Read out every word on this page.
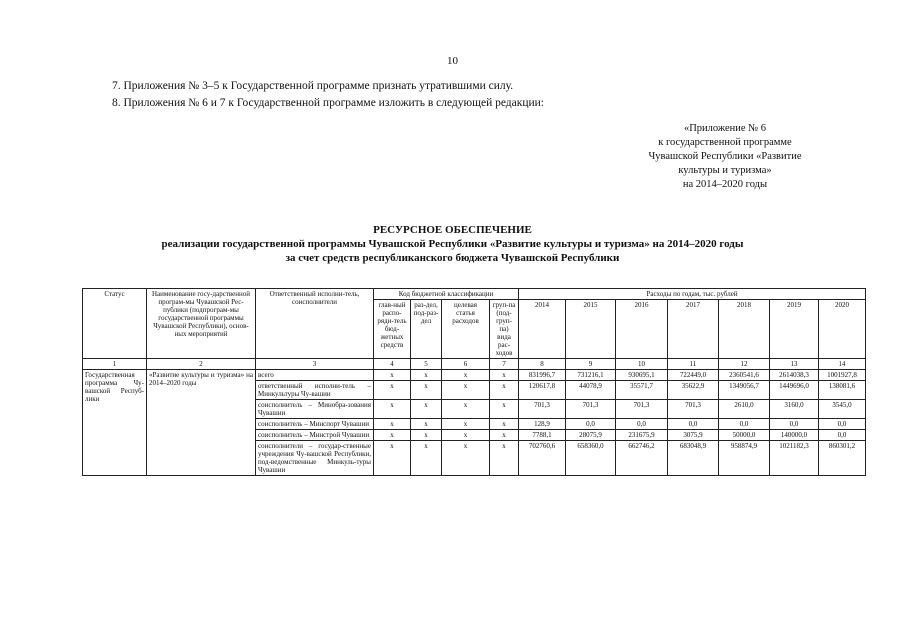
10
7. Приложения № 3–5 к Государственной программе признать утратившими силу.
8. Приложения № 6 и 7 к Государственной программе изложить в следующей редакции:
«Приложение № 6
к государственной программе
Чувашской Республики «Развитие
культуры и туризма»
на 2014–2020 годы
РЕСУРСНОЕ ОБЕСПЕЧЕНИЕ
реализации государственной программы Чувашской Республики «Развитие культуры и туризма» на 2014–2020 годы
за счет средств республиканского бюджета Чувашской Республики
Статус	Наименование госу-дарственной програм-мы Чувашской Рес-публики (подпрограм-мы государственной программы Чувашской Республики), основ-ных мероприятий	Ответственный исполни-тель, соисполнители	Код бюджетной классификации				Расходы по годам, тыс. рублей						
			глав-ный распо-ряди-тель бюд-жетных средств	раз-дел, под-раз-дел	целевая статья расходов	груп-па (под-груп-па) вида рас-ходов	2014	2015	2016	2017	2018	2019	2020
1	2	3	4	5	6	7	8	9	10	11	12	13	14
Государственная программа Чу-вашской Респуб-лики	«Развитие культуры и туризма» на 2014–2020 годы	всего	х	х	х	х	831996,7	731216,1	930695,1	722449,0	2360541,6	2614038,3	1001927,8
		ответственный исполни-тель – Минкультуры Чу-вашии	х	х	х	х	120617,8	44078,9	35571,7	35622,9	1349056,7	1449696,0	138081,6
		соисполнитель – Минобра-зования Чувашии	х	х	х	х	701,3	701,3	701,3	701,3	2610,0	3160,0	3545,0
		соисполнитель – Минспорт Чувашии	х	х	х	х	128,9	0,0	0,0	0,0	0,0	0,0	0,0
		соисполнитель – Минстрой Чувашии	х	х	х	х	7788,1	28075,9	231675,9	3075,9	50000,0	140000,0	0,0
		соисполнители – государ-ственные учреждения Чу-вашской Республики, под-ведомственные Минкуль-туры Чувашии	х	х	х	х	702760,6	658360,0	662746,2	683048,9	958874,9	1021182,3	860301,2
